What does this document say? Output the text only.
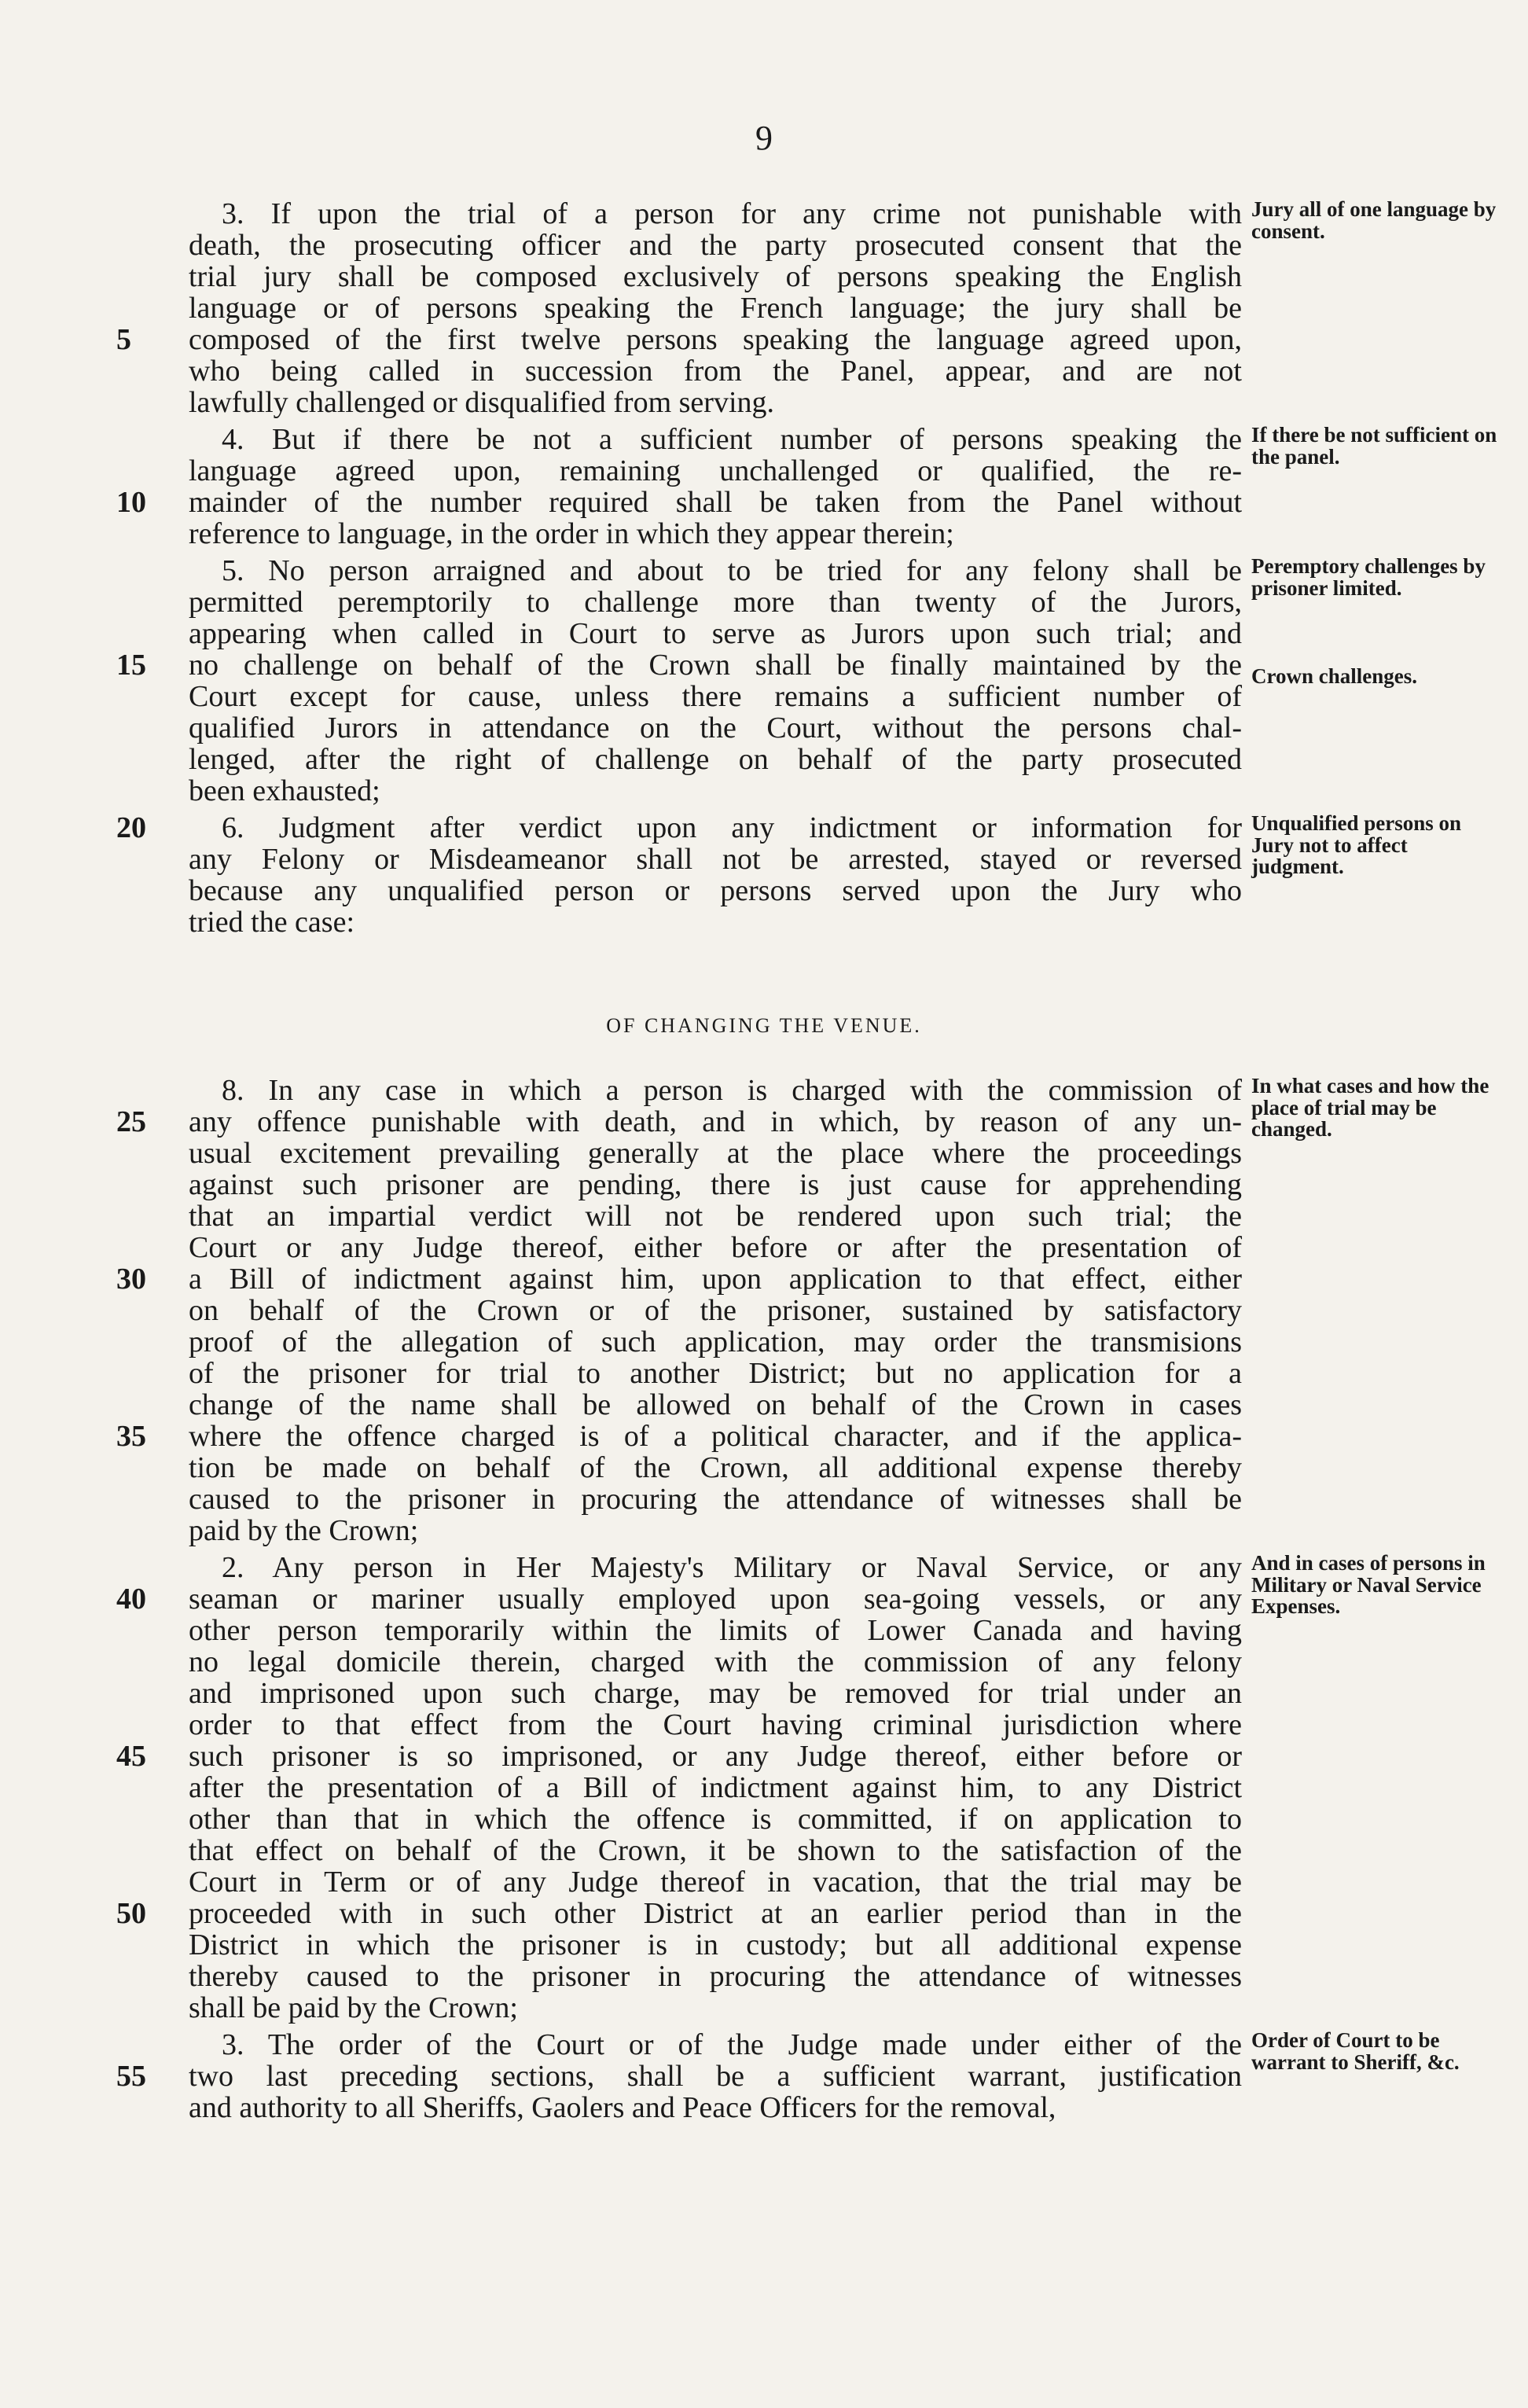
9
3. If upon the trial of a person for any crime not punishable with
death, the prosecuting officer and the party prosecuted consent that the
trial jury shall be composed exclusively of persons speaking the English
language or of persons speaking the French language; the jury shall be
5	composed of the first twelve persons speaking the language agreed upon,
who being called in succession from the Panel, appear, and are not
lawfully challenged or disqualified from serving.
4. But if there be not a sufficient number of persons speaking the
language agreed upon, remaining unchallenged or qualified, the re-
10	mainder of the number required shall be taken from the Panel without
reference to language, in the order in which they appear therein;
5. No person arraigned and about to be tried for any felony shall be
permitted peremptorily to challenge more than twenty of the Jurors,
appearing when called in Court to serve as Jurors upon such trial; and
15	no challenge on behalf of the Crown shall be finally maintained by the
Court except for cause, unless there remains a sufficient number of
qualified Jurors in attendance on the Court, without the persons chal-
lenged, after the right of challenge on behalf of the party prosecuted
been exhausted;
20	6. Judgment after verdict upon any indictment or information for
any Felony or Misdeameanor shall not be arrested, stayed or reversed
because any unqualified person or persons served upon the Jury who
tried the case:
OF CHANGING THE VENUE.
8. In any case in which a person is charged with the commission of
25	any offence punishable with death, and in which, by reason of any un-
usual excitement prevailing generally at the place where the proceedings
against such prisoner are pending, there is just cause for apprehending
that an impartial verdict will not be rendered upon such trial; the
Court or any Judge thereof, either before or after the presentation of
30	a Bill of indictment against him, upon application to that effect, either
on behalf of the Crown or of the prisoner, sustained by satisfactory
proof of the allegation of such application, may order the transmisions
of the prisoner for trial to another District; but no application for a
change of the name shall be allowed on behalf of the Crown in cases
35	where the offence charged is of a political character, and if the applica-
tion be made on behalf of the Crown, all additional expense thereby
caused to the prisoner in procuring the attendance of witnesses shall be
paid by the Crown;
2. Any person in Her Majesty's Military or Naval Service, or any
40	seaman or mariner usually employed upon sea-going vessels, or any
other person temporarily within the limits of Lower Canada and having
no legal domicile therein, charged with the commission of any felony
and imprisoned upon such charge, may be removed for trial under an
order to that effect from the Court having criminal jurisdiction where
45	such prisoner is so imprisoned, or any Judge thereof, either before or
after the presentation of a Bill of indictment against him, to any District
other than that in which the offence is committed, if on application to
that effect on behalf of the Crown, it be shown to the satisfaction of the
Court in Term or of any Judge thereof in vacation, that the trial may be
50	proceeded with in such other District at an earlier period than in the
District in which the prisoner is in custody; but all additional expense
thereby caused to the prisoner in procuring the attendance of witnesses
shall be paid by the Crown;
3. The order of the Court or of the Judge made under either of the
55	two last preceding sections, shall be a sufficient warrant, justification
and authority to all Sheriffs, Gaolers and Peace Officers for the removal,
Jury all of one language by consent.
If there be not sufficient on the panel.
Peremptory challenges by prisoner limited.
Crown challenges.
Unqualified persons on Jury not to affect judgment.
In what cases and how the place of trial may be changed.
And in cases of persons in Military or Naval Service Expenses.
Order of Court to be warrant to Sheriff, &c.
